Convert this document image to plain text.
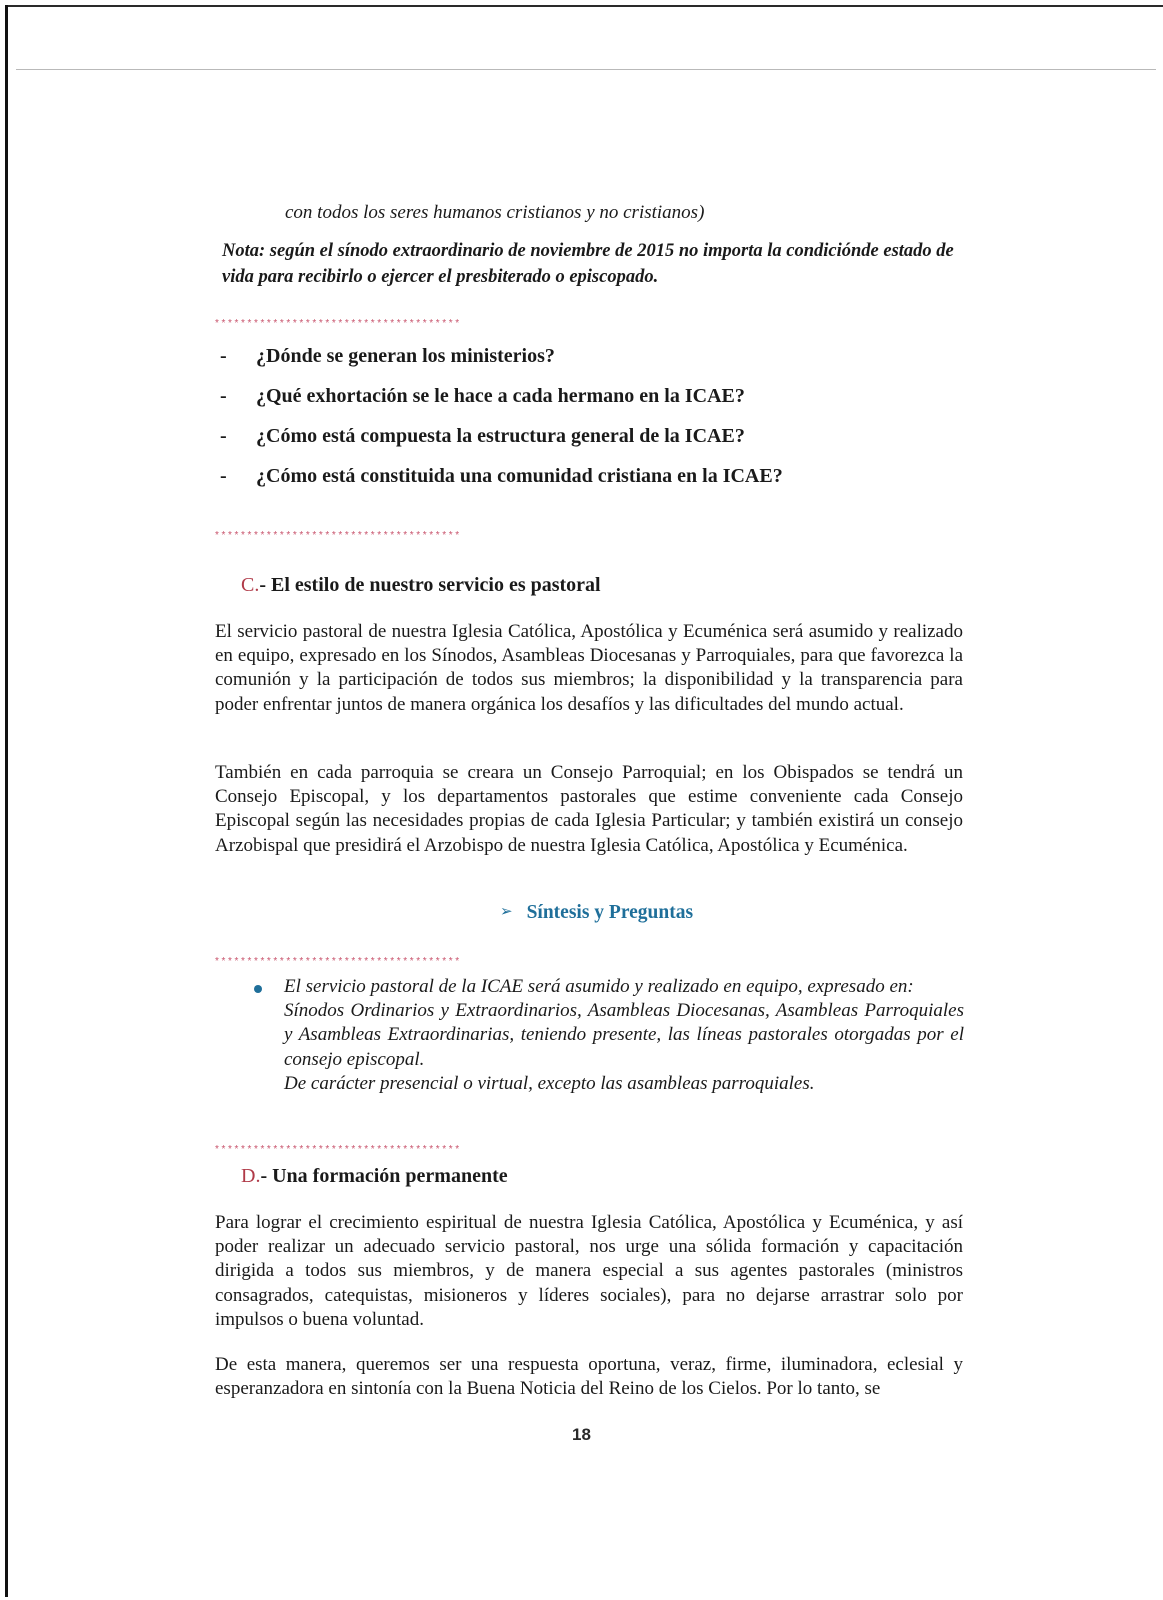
con todos los seres humanos cristianos y no cristianos)
Nota: según el sínodo extraordinario de noviembre de 2015 no importa la condiciónde estado de vida para recibirlo o ejercer el presbiterado o episcopado.
**************************************
-	¿Dónde se generan los ministerios?
-	¿Qué exhortación se le hace a cada hermano en la ICAE?
-	¿Cómo está compuesta la estructura general de la ICAE?
-	¿Cómo está constituida una comunidad cristiana en la ICAE?
**************************************
C.- El estilo de nuestro servicio es pastoral
El servicio pastoral de nuestra Iglesia Católica, Apostólica y Ecuménica será asumido y realizado en equipo, expresado en los Sínodos, Asambleas Diocesanas y Parroquiales, para que favorezca la comunión y la participación de todos sus miembros; la disponibilidad y la transparencia para poder enfrentar juntos de manera orgánica los desafíos y las dificultades del mundo actual.
También en cada parroquia se creara un Consejo Parroquial; en los Obispados se tendrá un Consejo Episcopal, y los departamentos pastorales que estime conveniente cada Consejo Episcopal según las necesidades propias de cada Iglesia Particular; y también existirá un consejo Arzobispal que presidirá el Arzobispo de nuestra Iglesia Católica, Apostólica y Ecuménica.
➢ Síntesis y Preguntas
**************************************

El servicio pastoral de la ICAE será asumido y realizado en equipo, expresado en:

Sínodos Ordinarios y Extraordinarios, Asambleas Diocesanas, Asambleas Parroquiales y Asambleas Extraordinarias, teniendo presente, las líneas pastorales otorgadas por el consejo episcopal.

De carácter presencial o virtual, excepto las asambleas parroquiales.

**************************************
D.- Una formación permanente
Para lograr el crecimiento espiritual de nuestra Iglesia Católica, Apostólica y Ecuménica, y así poder realizar un adecuado servicio pastoral, nos urge una sólida formación y capacitación dirigida a todos sus miembros, y de manera especial a sus agentes pastorales (ministros consagrados, catequistas, misioneros y líderes sociales), para no dejarse arrastrar solo por impulsos o buena voluntad.
De esta manera, queremos ser una respuesta oportuna, veraz, firme, iluminadora, eclesial y esperanzadora en sintonía con la Buena Noticia del Reino de los Cielos. Por lo tanto, se
18
